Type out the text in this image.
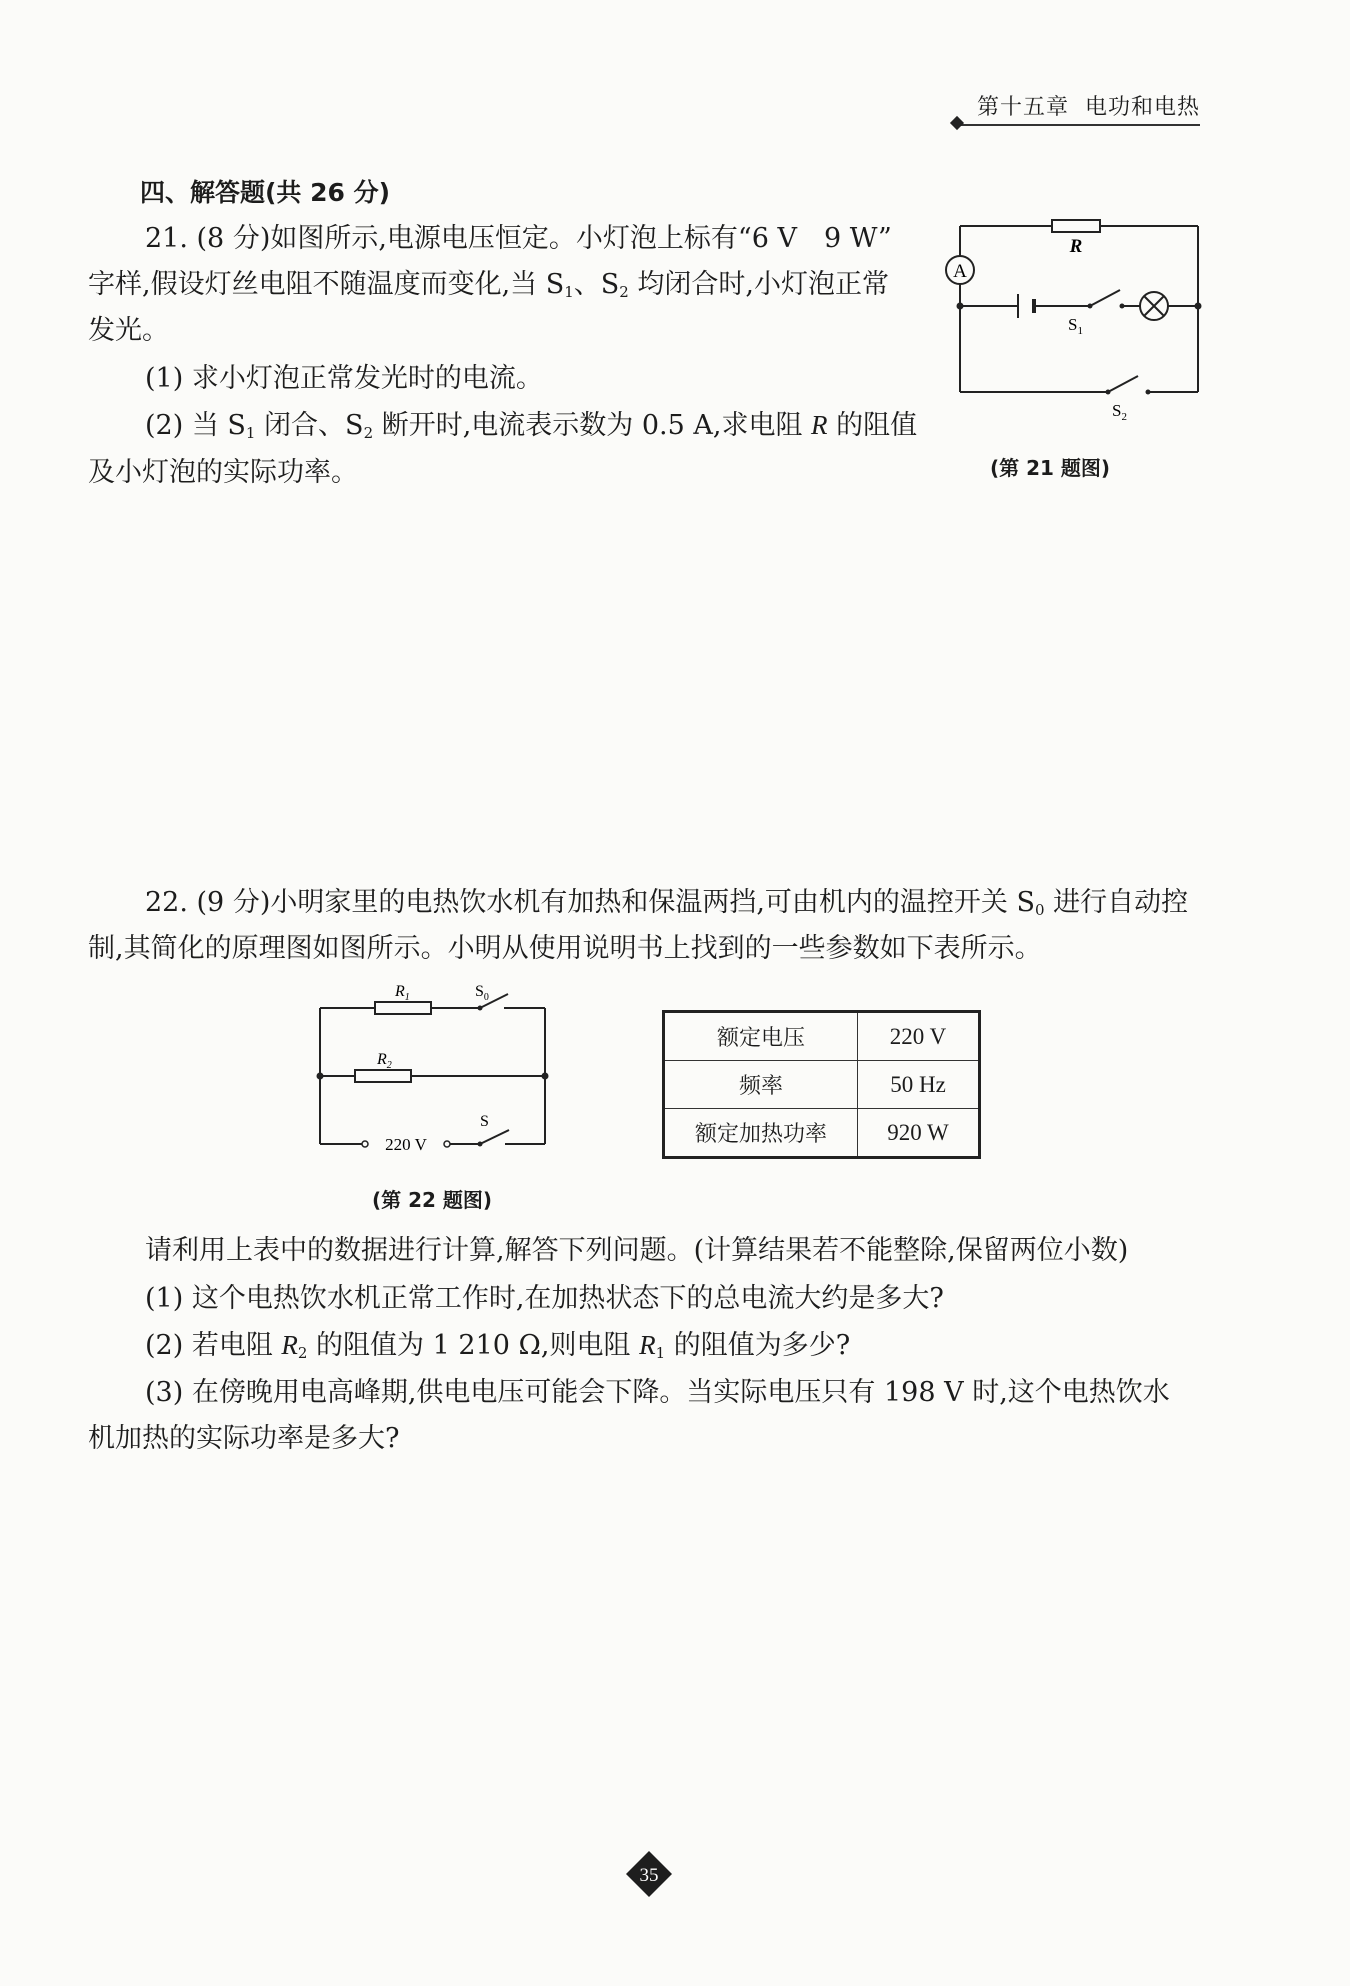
第十五章 电功和电热
四、解答题(共 26 分)
21. (8 分)如图所示,电源电压恒定。小灯泡上标有“6 V　9 W”
字样,假设灯丝电阻不随温度而变化,当 $S_1$、$S_2$ 均闭合时,小灯泡正常
发光。
(1) 求小灯泡正常发光时的电流。
(2) 当 $S_1$ 闭合、$S_2$ 断开时,电流表示数为 0.5 A,求电阻 R 的阻值
及小灯泡的实际功率。
A
R
$S_1$
$S_2$
(第 21 题图)
22. (9 分)小明家里的电热饮水机有加热和保温两挡,可由机内的温控开关 $S_0$ 进行自动控
制,其简化的原理图如图所示。小明从使用说明书上找到的一些参数如下表所示。
$R_1$	$S_0$
$R_2$
S
220 V
(第 22 题图)
额定电压	220 V
频率	50 Hz
额定加热功率	920 W
请利用上表中的数据进行计算,解答下列问题。(计算结果若不能整除,保留两位小数)
(1) 这个电热饮水机正常工作时,在加热状态下的总电流大约是多大?
(2) 若电阻 $R_2$ 的阻值为 1 210 Ω,则电阻 $R_1$ 的阻值为多少?
(3) 在傍晚用电高峰期,供电电压可能会下降。当实际电压只有 198 V 时,这个电热饮水
机加热的实际功率是多大?
35
